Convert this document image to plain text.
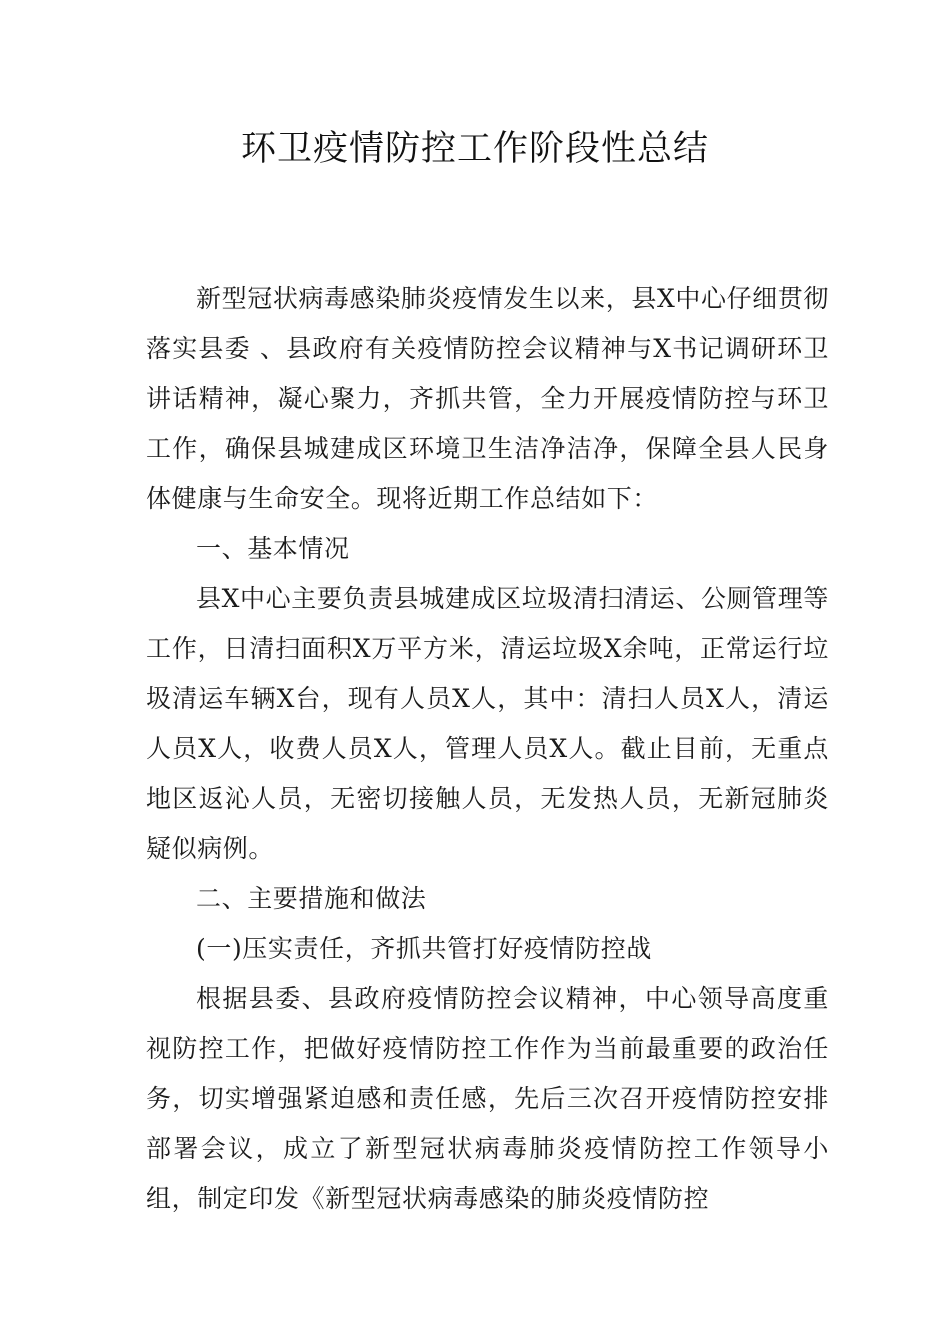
环卫疫情防控工作阶段性总结

新型冠状病毒感染肺炎疫情发生以来，县X中心仔细贯彻落实县委 、县政府有关疫情防控会议精神与X书记调研环卫讲话精神，凝心聚力，齐抓共管，全力开展疫情防控与环卫工作，确保县城建成区环境卫生洁净洁净，保障全县人民身体健康与生命安全。现将近期工作总结如下：

一、基本情况

县X中心主要负责县城建成区垃圾清扫清运、公厕管理等工作，日清扫面积X万平方米，清运垃圾X余吨，正常运行垃圾清运车辆X台，现有人员X人，其中：清扫人员X人，清运人员X人，收费人员X人，管理人员X人。截止目前，无重点地区返沁人员，无密切接触人员，无发热人员，无新冠肺炎疑似病例。

二、主要措施和做法

(一)压实责任，齐抓共管打好疫情防控战

根据县委、县政府疫情防控会议精神，中心领导高度重视防控工作，把做好疫情防控工作作为当前最重要的政治任务，切实增强紧迫感和责任感，先后三次召开疫情防控安排部署会议，成立了新型冠状病毒肺炎疫情防控工作领导小组，制定印发《新型冠状病毒感染的肺炎疫情防控
